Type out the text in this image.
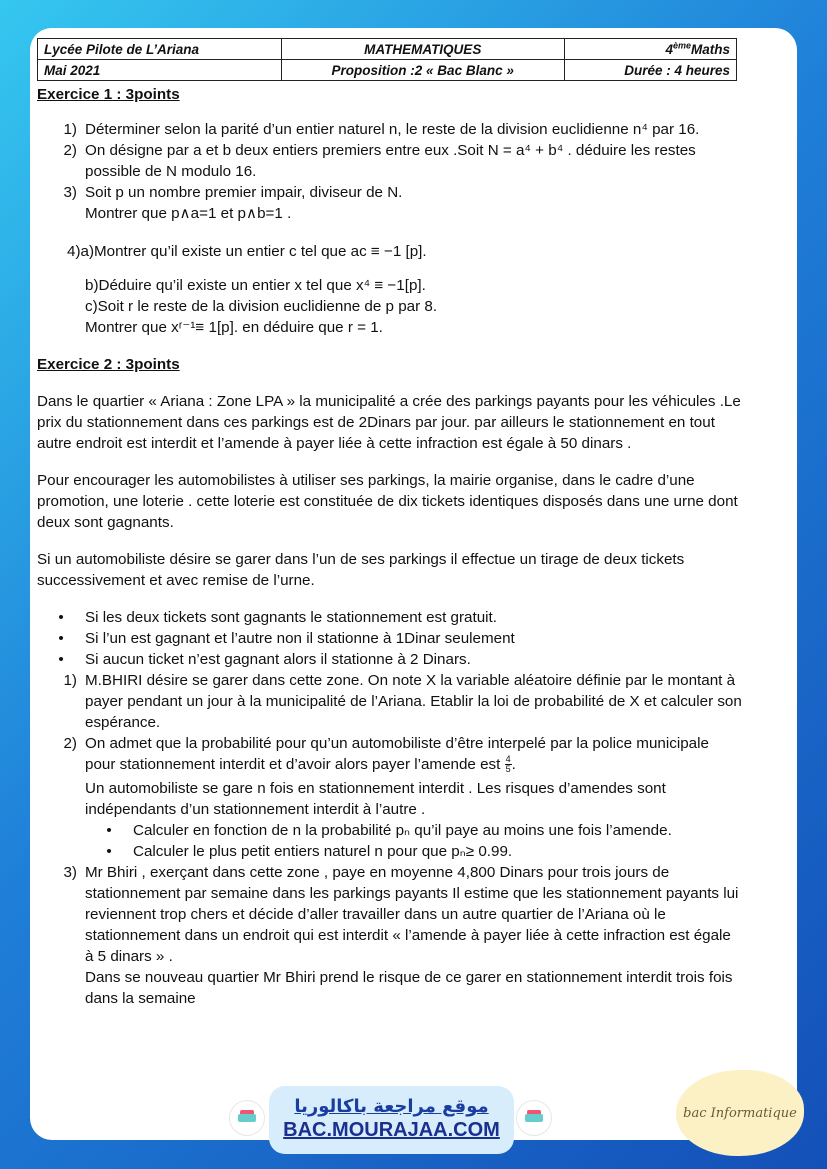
Lycée Pilote de L’Ariana	MATHEMATIQUES	4èmeMaths
Mai 2021	Proposition :2 « Bac Blanc »	Durée : 4 heures

Exercice 1 : 3points

1) Déterminer selon la parité d’un entier naturel n, le reste de la division euclidienne n⁴ par 16.
2) On désigne par a et b deux entiers premiers entre eux .Soit N = a⁴ + b⁴ . déduire les restes possible de N modulo 16.
3) Soit p un nombre premier impair, diviseur de N.
Montrer que p∧a=1 et p∧b=1 .
4)a)Montrer qu’il existe un entier c tel que ac ≡ −1 [p].
b)Déduire qu’il existe un entier x tel que x⁴ ≡ −1[p].
c)Soit r le reste de la division euclidienne de p par 8.
Montrer que xʳ⁻¹≡ 1[p]. en déduire que r = 1.

Exercice 2 : 3points

Dans le quartier « Ariana : Zone LPA » la municipalité a crée des parkings payants pour les véhicules .Le prix du stationnement dans ces parkings est de 2Dinars par jour. par ailleurs le stationnement en tout autre endroit est interdit et l’amende à payer liée à cette infraction est égale à 50 dinars .

Pour encourager les automobilistes à utiliser ses parkings, la mairie organise, dans le cadre d’une promotion, une loterie . cette loterie est constituée de dix tickets identiques disposés dans une urne dont deux sont gagnants.

Si un automobiliste désire se garer dans l’un de ses parkings il effectue un tirage de deux tickets successivement et avec remise de l’urne.

•	Si les deux tickets sont gagnants le stationnement est gratuit.
•	Si l’un est gagnant et l’autre non il stationne à 1Dinar seulement
•	Si aucun ticket n’est gagnant alors il stationne à 2 Dinars.
1) M.BHIRI désire se garer dans cette zone. On note X la variable aléatoire définie par le montant à payer pendant un jour à la municipalité de l’Ariana. Etablir la loi de probabilité de X et calculer son espérance.
2) On admet que la probabilité pour qu’un automobiliste d’être interpelé par la police municipale pour stationnement interdit et d’avoir alors payer l’amende est $\frac{4}{5}$ .
Un automobiliste se gare n fois en stationnement interdit . Les risques d’amendes sont indépendants d’un stationnement interdit à l’autre .
•	Calculer en fonction de n la probabilité pₙ qu’il paye au moins une fois l’amende.
•	Calculer le plus petit entiers naturel n pour que pₙ≥ 0.99.
3) Mr Bhiri , exerçant dans cette zone , paye en moyenne 4,800 Dinars pour trois jours de stationnement par semaine dans les parkings payants Il estime que les stationnement payants lui reviennent trop chers et décide d’aller travailler dans un autre quartier de l’Ariana où le stationnement dans un endroit qui est interdit « l’amende à payer liée à cette infraction est égale à 5 dinars » .
Dans se nouveau quartier Mr Bhiri prend le risque de ce garer en stationnement interdit trois fois dans la semaine
موقع مراجعة باكالوريا
BAC.MOURAJAA.COM
bac Informatique
